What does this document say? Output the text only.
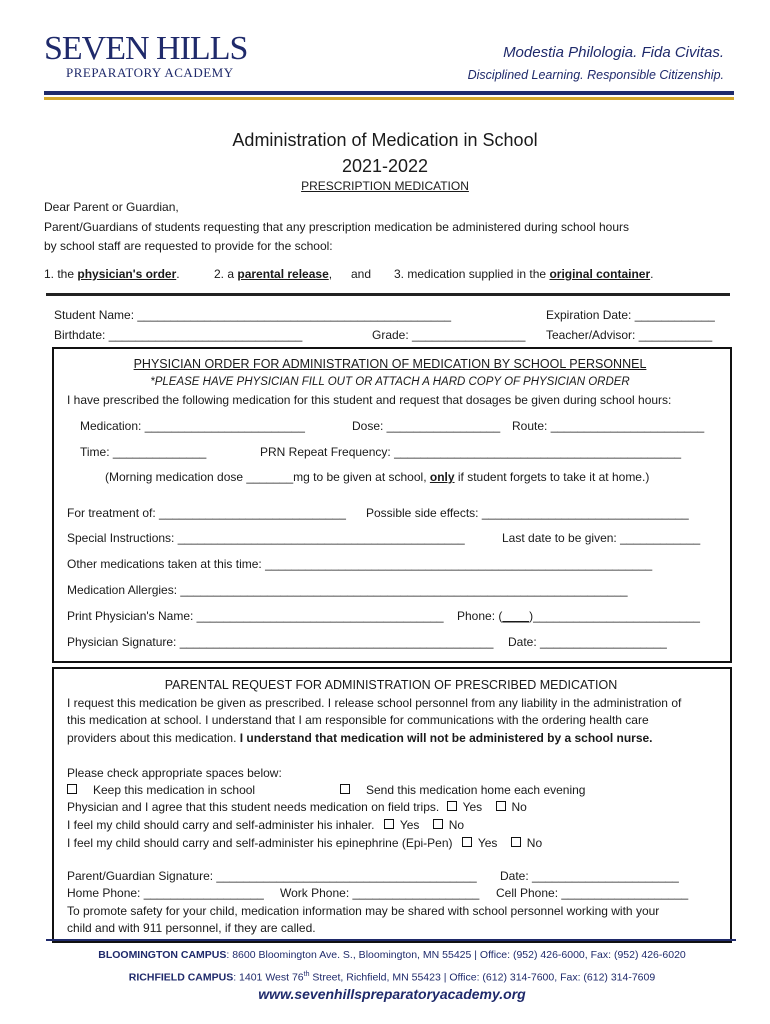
SEVEN HILLS
PREPARATORY ACADEMY
Modestia Philologia. Fida Civitas.
Disciplined Learning. Responsible Citizenship.
Administration of Medication in School
2021-2022
PRESCRIPTION MEDICATION
Dear Parent or Guardian,
Parent/Guardians of students requesting that any prescription medication be administered during school hours
by school staff are requested to provide for the school:
1. the physician's order.	2. a parental release, and 3. medication supplied in the original container.
Student Name: _______________________________________________	Expiration Date: ____________
Birthdate: _____________________________	Grade: _________________ Teacher/Advisor: ___________
PHYSICIAN ORDER FOR ADMINISTRATION OF MEDICATION BY SCHOOL PERSONNEL
*PLEASE HAVE PHYSICIAN FILL OUT OR ATTACH A HARD COPY OF PHYSICIAN ORDER
I have prescribed the following medication for this student and request that dosages be given during school hours:
Medication: ________________________	Dose: _________________ Route: _______________________
Time: ______________	PRN Repeat Frequency: ___________________________________________
(Morning medication dose _______mg to be given at school, only if student forgets to take it at home.)
For treatment of: ____________________________ Possible side effects: _______________________________
Special Instructions: ___________________________________________	Last date to be given: ____________
Other medications taken at this time: __________________________________________________________
Medication Allergies: ___________________________________________________________________
Print Physician's Name: _____________________________________ Phone: (____)_________________________
Physician Signature: _______________________________________________ Date: ___________________
PARENTAL REQUEST FOR ADMINISTRATION OF PRESCRIBED MEDICATION
I request this medication be given as prescribed. I release school personnel from any liability in the administration of
this medication at school. I understand that I am responsible for communications with the ordering health care
providers about this medication. I understand that medication will not be administered by a school nurse.
Please check appropriate spaces below:
Keep this medication in school	Send this medication home each evening
Physician and I agree that this student needs medication on field trips. Yes No
I feel my child should carry and self-administer his inhaler. Yes No
I feel my child should carry and self-administer his epinephrine (Epi-Pen) Yes No
Parent/Guardian Signature: _______________________________________ Date: ______________________
Home Phone: __________________ Work Phone: ___________________ Cell Phone: ___________________
To promote safety for your child, medication information may be shared with school personnel working with your
child and with 911 personnel, if they are called.
BLOOMINGTON CAMPUS: 8600 Bloomington Ave. S., Bloomington, MN 55425 | Office: (952) 426-6000, Fax: (952) 426-6020
RICHFIELD CAMPUS: 1401 West 76th Street, Richfield, MN 55423 | Office: (612) 314-7600, Fax: (612) 314-7609
www.sevenhillspreparatoryacademy.org
